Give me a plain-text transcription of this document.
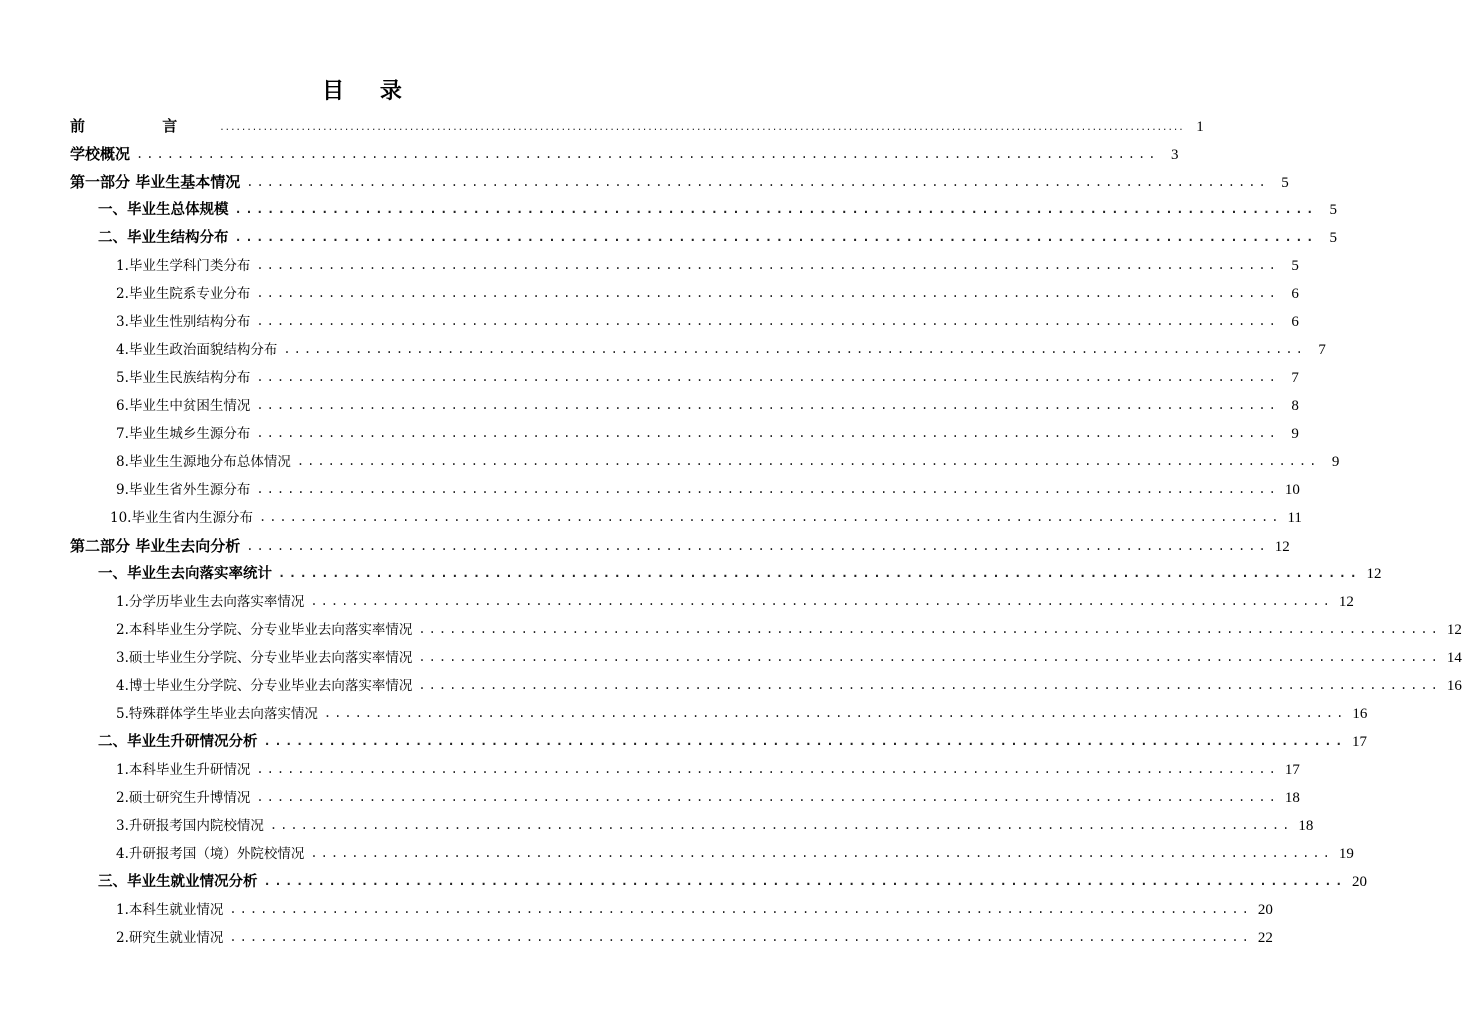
目 录
前 言 .................................................................................................................................................................................. 1
学校概况 .................................................................................................... 3
第一部分 毕业生基本情况 .................................................................................................... 5
一、毕业生总体规模 .................................................................................................... 5
二、毕业生结构分布 .................................................................................................... 5
1.毕业生学科门类分布 .................................................................................................... 5
2.毕业生院系专业分布 .................................................................................................... 6
3.毕业生性别结构分布 .................................................................................................... 6
4.毕业生政治面貌结构分布 .................................................................................................... 7
5.毕业生民族结构分布 .................................................................................................... 7
6.毕业生中贫困生情况 .................................................................................................... 8
7.毕业生城乡生源分布 .................................................................................................... 9
8.毕业生生源地分布总体情况 .................................................................................................... 9
9.毕业生省外生源分布 .................................................................................................... 10
10.毕业生省内生源分布 .................................................................................................... 11
第二部分 毕业生去向分析 .................................................................................................... 12
一、毕业生去向落实率统计 .................................................................................................... 12
1.分学历毕业生去向落实率情况 .................................................................................................... 12
2.本科毕业生分学院、分专业毕业去向落实率情况 .................................................................................................... 12
3.硕士毕业生分学院、分专业毕业去向落实率情况 .................................................................................................... 14
4.博士毕业生分学院、分专业毕业去向落实率情况 .................................................................................................... 16
5.特殊群体学生毕业去向落实情况 .................................................................................................... 16
二、毕业生升研情况分析 .................................................................................................... 17
1.本科毕业生升研情况 .................................................................................................... 17
2.硕士研究生升博情况 .................................................................................................... 18
3.升研报考国内院校情况 .................................................................................................... 18
4.升研报考国（境）外院校情况 .................................................................................................... 19
三、毕业生就业情况分析 .................................................................................................... 20
1.本科生就业情况 .................................................................................................... 20
2.研究生就业情况 .................................................................................................... 22
